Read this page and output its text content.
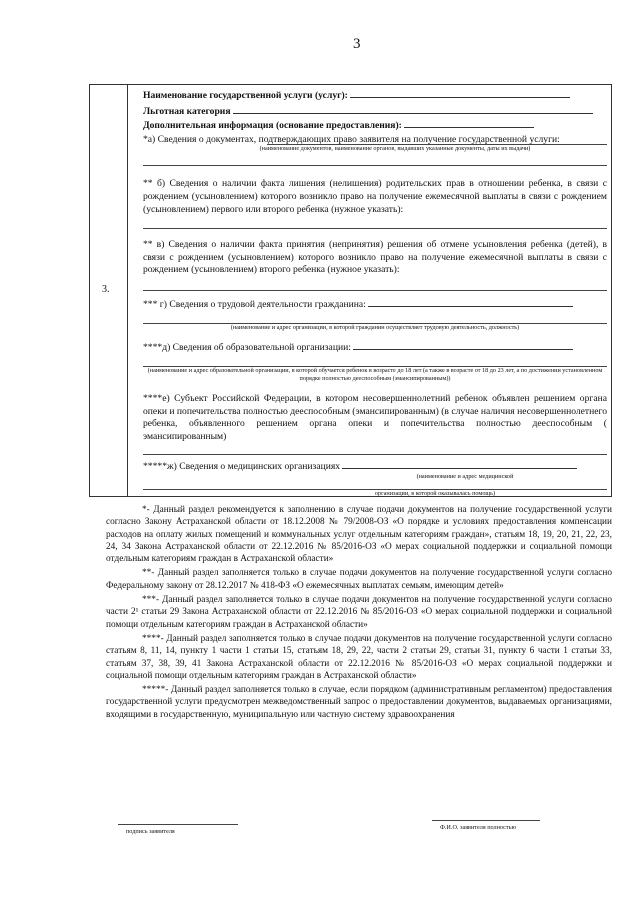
3
3.
Наименование государственной услуги (услуг):
Льготная категория
Дополнительная информация (основание предоставления):
*а) Сведения о документах, подтверждающих право заявителя на получение государственной услуги:
(наименование документов, наименование органов, выдавших указанные документы, даты их выдачи)
** б) Сведения о наличии факта лишения (нелишения) родительских прав в отношении ребенка, в связи с рождением (усыновлением) которого возникло право на получение ежемесячной выплаты в связи с рождением (усыновлением) первого или второго ребенка (нужное указать):
** в) Сведения о наличии факта принятия (непринятия) решения об отмене усыновления ребенка (детей), в связи с рождением (усыновлением) которого возникло право на получение ежемесячной выплаты в связи с рождением (усыновлением) второго ребенка (нужное указать):
*** г) Сведения о трудовой деятельности гражданина:
(наименование и адрес организации, в которой гражданин осуществляет трудовую деятельность, должность)
****д) Сведения об образовательной организации:
(наименование и адрес образовательной организации, в которой обучается ребенок в возрасте до 18 лет (а также в возрасте от 18 до 23 лет, а по достижении установленном порядке полностью дееспособным (эмансипированным))
****е) Субъект Российской Федерации, в котором несовершеннолетний ребенок объявлен решением органа опеки и попечительства полностью дееспособным (эмансипированным) (в случае наличия несовершеннолетнего ребенка, объявленного решением органа опеки и попечительства полностью дееспособным ( эмансипированным)
*****ж) Сведения о медицинских организациях
(наименование и адрес медицинской
организации, в которой оказывалась помощь)

*- Данный раздел рекомендуется к заполнению в случае подачи документов на получение государственной услуги согласно Закону Астраханской области от 18.12.2008 № 79/2008-ОЗ «О порядке и условиях предоставления компенсации расходов на оплату жилых помещений и коммунальных услуг отдельным категориям граждан», статьям 18, 19, 20, 21, 22, 23, 24, 34 Закона Астраханской области от 22.12.2016 № 85/2016-ОЗ «О мерах социальной поддержки и социальной помощи отдельным категориям граждан в Астраханской области»

**- Данный раздел заполняется только в случае подачи документов на получение государственной услуги согласно Федеральному закону от 28.12.2017 № 418-ФЗ «О ежемесячных выплатах семьям, имеющим детей»

***- Данный раздел заполняется только в случае подачи документов на получение государственной услуги согласно части 2¹ статьи 29 Закона Астраханской области от 22.12.2016 № 85/2016-ОЗ «О мерах социальной поддержки и социальной помощи отдельным категориям граждан в Астраханской области»

****- Данный раздел заполняется только в случае подачи документов на получение государственной услуги согласно статьям 8, 11, 14, пункту 1 части 1 статьи 15, статьям 18, 29, 22, части 2 статьи 29, статьи 31, пункту 6 части 1 статьи 33, статьям 37, 38, 39, 41 Закона Астраханской области от 22.12.2016 № 85/2016-ОЗ «О мерах социальной поддержки и социальной помощи отдельным категориям граждан в Астраханской области»

*****- Данный раздел заполняется только в случае, если порядком (административным регламентом) предоставления государственной услуги предусмотрен межведомственный запрос о предоставлении документов, выдаваемых организациями, входящими в государственную, муниципальную или частную систему здравоохранения

подпись заявителя
Ф.И.О. заявителя полностью
